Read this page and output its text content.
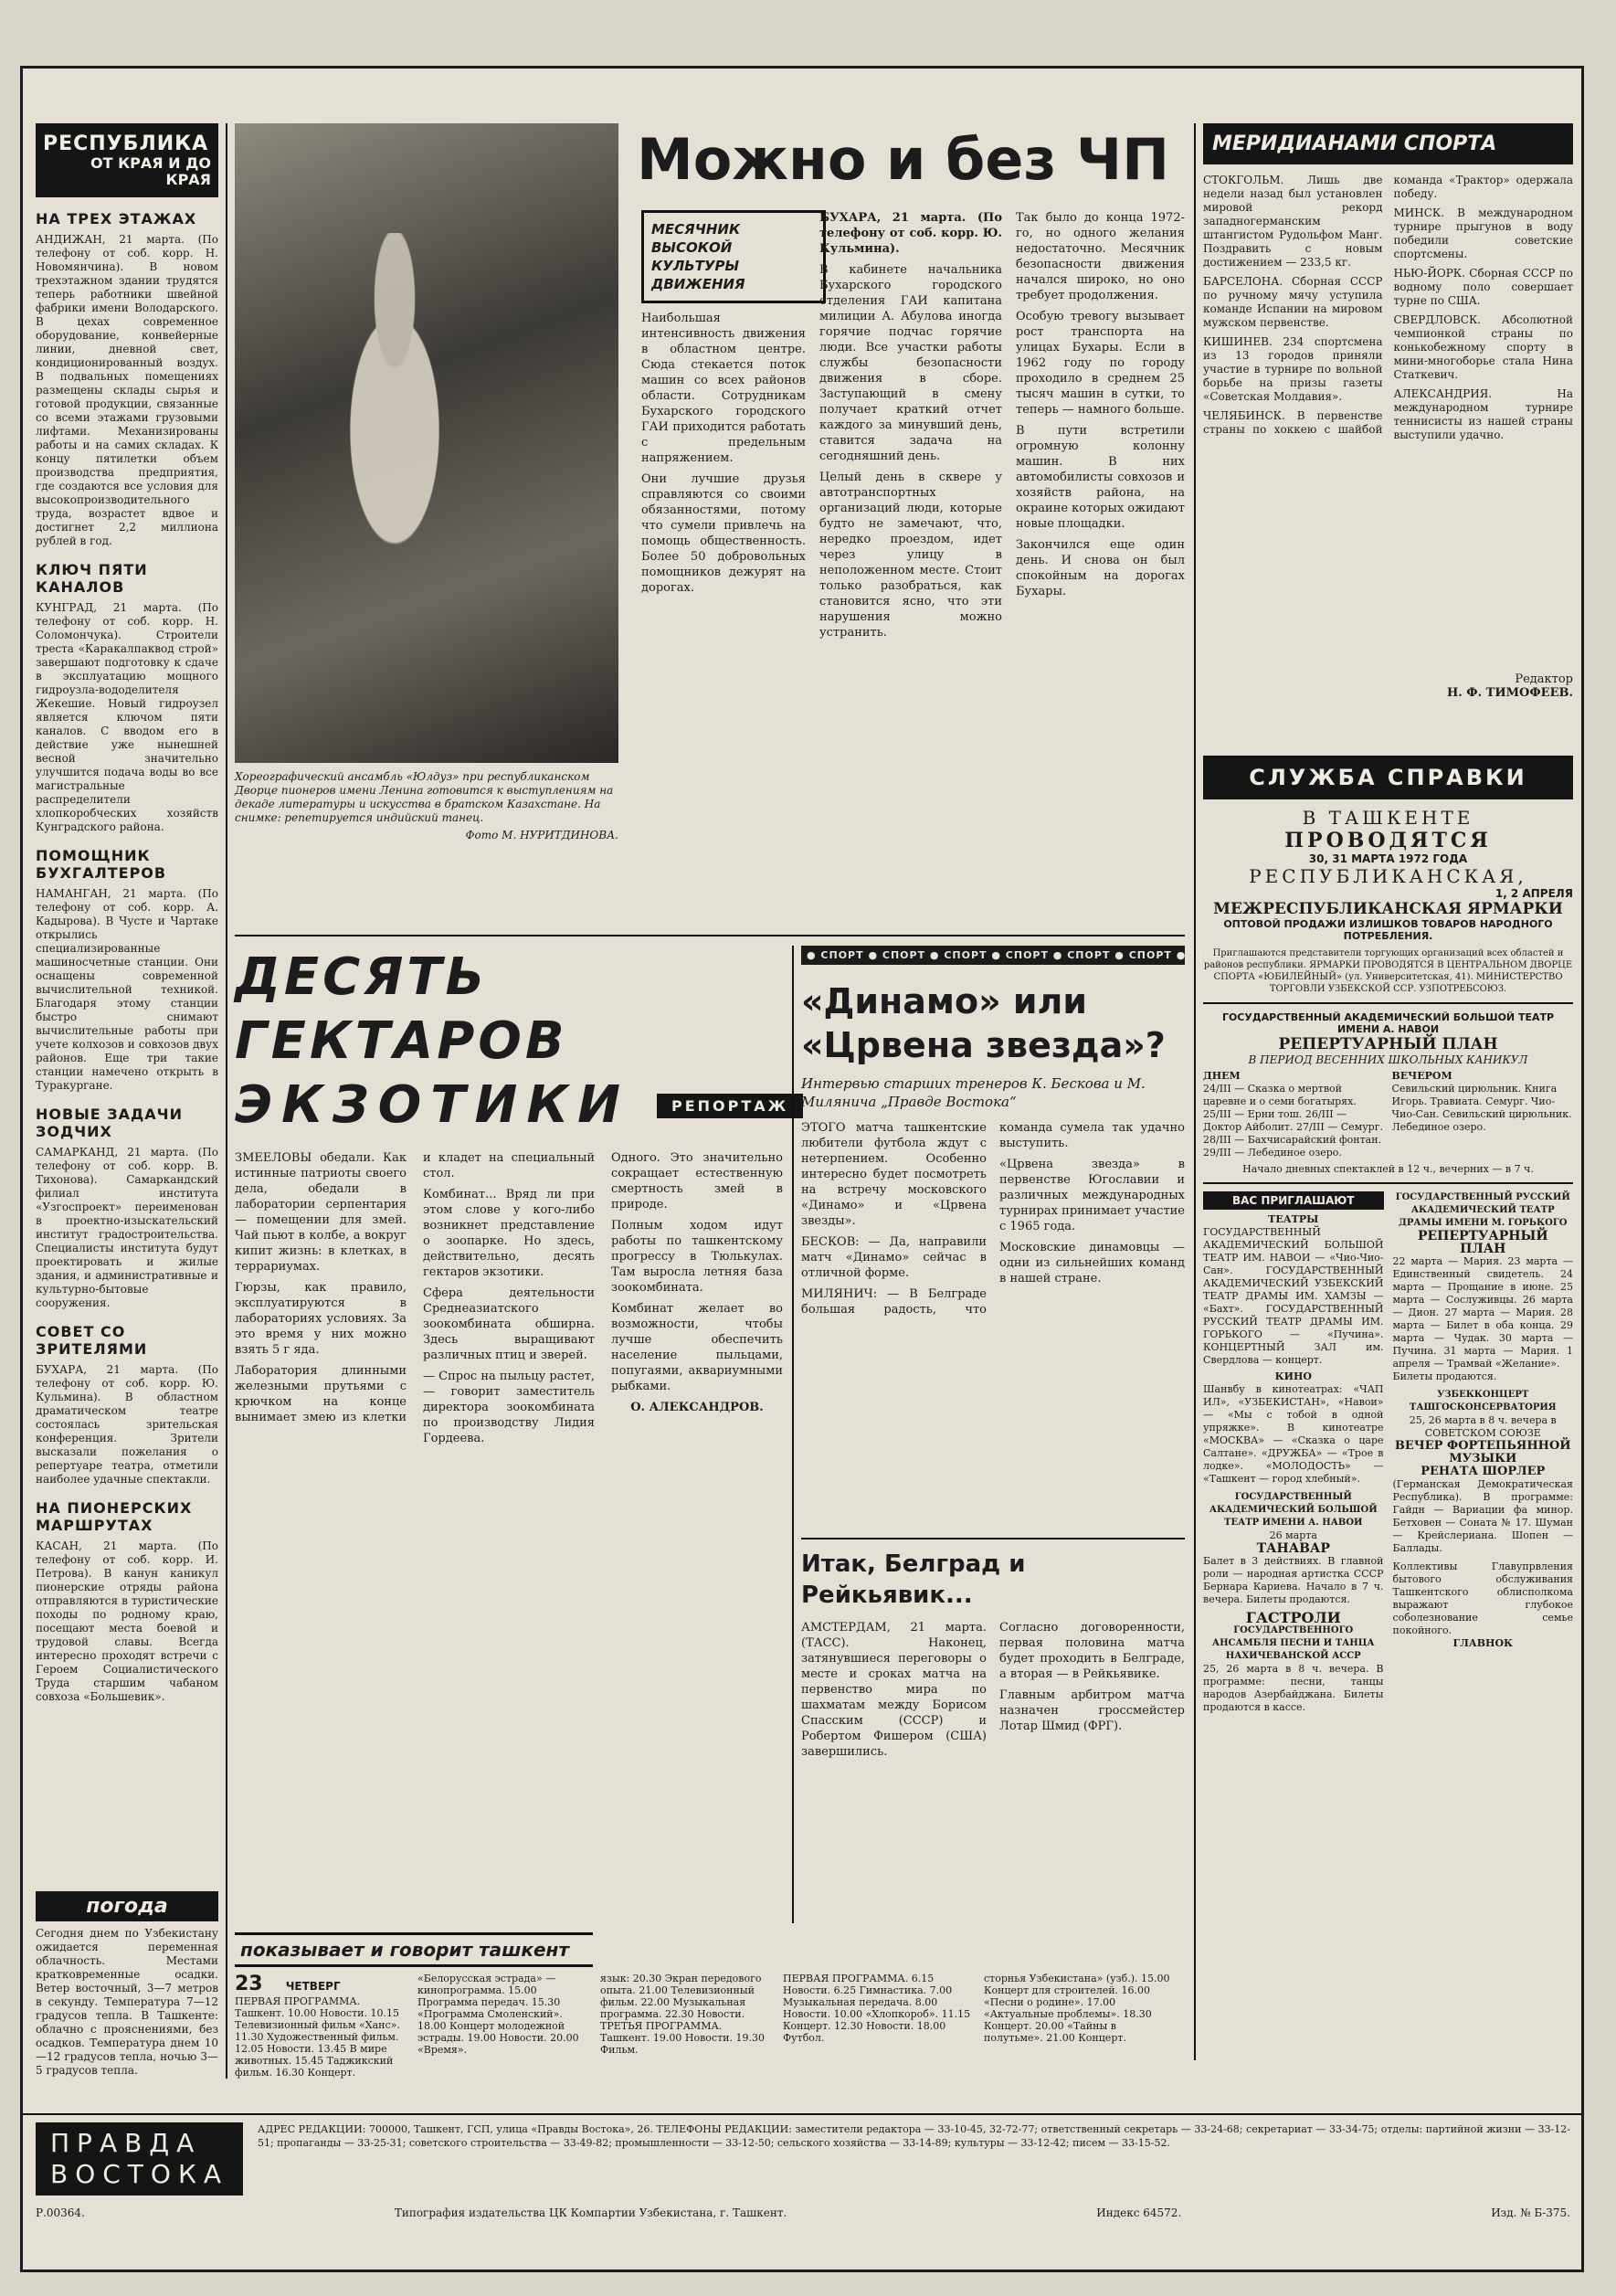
РЕСПУБЛИКА
ОТ КРАЯ И ДО КРАЯ
НА ТРЕХ ЭТАЖАХ
АНДИЖАН, 21 марта. (По телефону от соб. корр. Н. Новомянчина). В новом трехэтажном здании трудятся теперь работники швейной фабрики имени Володарского. В цехах современное оборудование, конвейерные линии, дневной свет, кондиционированный воздух. В подвальных помещениях размещены склады сырья и готовой продукции, связанные со всеми этажами грузовыми лифтами. Механизированы работы и на самих складах. К концу пятилетки объем производства предприятия, где создаются все условия для высокопроизводительного труда, возрастет вдвое и достигнет 2,2 миллиона рублей в год.
КЛЮЧ ПЯТИ КАНАЛОВ
КУНГРАД, 21 марта. (По телефону от соб. корр. Н. Соломончука). Строители треста «Каракалпаквод строй» завершают подготовку к сдаче в эксплуатацию мощного гидроузла-вододелителя Жекешие. Новый гидроузел является ключом пяти каналов. С вводом его в действие уже нынешней весной значительно улучшится подача воды во все магистральные распределители хлопкоробческих хозяйств Кунградского района.
ПОМОЩНИК БУХГАЛТЕРОВ
НАМАНГАН, 21 марта. (По телефону от соб. корр. А. Кадырова). В Чусте и Чартаке открылись специализированные машиносчетные станции. Они оснащены современной вычислительной техникой. Благодаря этому станции быстро снимают вычислительные работы при учете колхозов и совхозов двух районов. Еще три такие станции намечено открыть в Туракургане.
НОВЫЕ ЗАДАЧИ ЗОДЧИХ
САМАРКАНД, 21 марта. (По телефону от соб. корр. В. Тихонова). Самаркандский филиал института «Узгоспроект» переименован в проектно-изыскательский институт градостроительства. Специалисты института будут проектировать и жилые здания, и административные и культурно-бытовые сооружения.
СОВЕТ СО ЗРИТЕЛЯМИ
БУХАРА, 21 марта. (По телефону от соб. корр. Ю. Кульмина). В областном драматическом театре состоялась зрительская конференция. Зрители высказали пожелания о репертуаре театра, отметили наиболее удачные спектакли.
НА ПИОНЕРСКИХ МАРШРУТАХ
КАСАН, 21 марта. (По телефону от соб. корр. И. Петрова). В канун каникул пионерские отряды района отправляются в туристические походы по родному краю, посещают места боевой и трудовой славы. Всегда интересно проходят встречи с Героем Социалистического Труда старшим чабаном совхоза «Большевик».
Хореографический ансамбль «Юлдуз» при республиканском Дворце пионеров имени Ленина готовится к выступлениям на декаде литературы и искусства в братском Казахстане. На снимке: репетируется индийский танец.
Фото М. НУРИТДИНОВА.
Можно и без ЧП
МЕСЯЧНИК ВЫСОКОЙ КУЛЬТУРЫ ДВИЖЕНИЯ

БУХАРА, 21 марта. (По телефону от соб. корр. Ю. Кульмина).

В кабинете начальника Бухарского городского отделения ГАИ капитана милиции А. Абулова иногда горячие подчас горячие люди. Все участки работы службы безопасности движения в сборе. Заступающий в смену получает краткий отчет каждого за минувший день, ставится задача на сегодняшний день.

Целый день в сквере у автотранспортных организаций люди, которые будто не замечают, что, нередко проездом, идет через улицу в неположенном месте. Стоит только разобраться, как становится ясно, что эти нарушения можно устранить.

Наибольшая интенсивность движения в областном центре. Сюда стекается поток машин со всех районов области. Сотрудникам Бухарского городского ГАИ приходится работать с предельным напряжением.

Они лучшие друзья справляются со своими обязанностями, потому что сумели привлечь на помощь общественность. Более 50 добровольных помощников дежурят на дорогах.

Так было до конца 1972-го, но одного желания недостаточно. Месячник безопасности движения начался широко, но оно требует продолжения.

Особую тревогу вызывает рост транспорта на улицах Бухары. Если в 1962 году по городу проходило в среднем 25 тысяч машин в сутки, то теперь — намного больше.

В пути встретили огромную колонну машин. В них автомобилисты совхозов и хозяйств района, на окраине которых ожидают новые площадки.

Закончился еще один день. И снова он был спокойным на дорогах Бухары.

ДЕСЯТЬ ГЕКТАРОВ
ЭКЗОТИКИ	РЕПОРТАЖ

ЗМЕЕЛОВЫ обедали. Как истинные патриоты своего дела, обедали в лаборатории серпентария — помещении для змей. Чай пьют в колбе, а вокруг кипит жизнь: в клетках, в террариумах.

Гюрзы, как правило, эксплуатируются в лабораториях условиях. За это время у них можно взять 5 г яда.

Лаборатория длинными железными прутьями с крючком на конце вынимает змею из клетки и кладет на специальный стол.

Комбинат... Вряд ли при этом слове у кого-либо возникнет представление о зоопарке. Но здесь, действительно, десять гектаров экзотики.

Сфера деятельности Среднеазиатского зоокомбината обширна. Здесь выращивают различных птиц и зверей.

— Спрос на пыльцу растет, — говорит заместитель директора зоокомбината по производству Лидия Гордеева.

Одного. Это значительно сокращает естественную смертность змей в природе.

Полным ходом идут работы по ташкентскому прогрессу в Тюлькулах. Там выросла летняя база зоокомбината.

Комбинат желает во возможности, чтобы лучше обеспечить население пыльцами, попугаями, аквариумными рыбками.

О. АЛЕКСАНДРОВ.

● СПОРТ ● СПОРТ ● СПОРТ ● СПОРТ ● СПОРТ ● СПОРТ ● СПОРТ
«Динамо» или
«Црвена звезда»?
Интервью старших тренеров К. Бескова и М. Милянича „Правде Востока“

ЭТОГО матча ташкентские любители футбола ждут с нетерпением. Особенно интересно будет посмотреть на встречу московского «Динамо» и «Црвена звезды».

БЕСКОВ: — Да, направили матч «Динамо» сейчас в отличной форме.

МИЛЯНИЧ: — В Белграде большая радость, что команда сумела так удачно выступить.

«Црвена звезда» в первенстве Югославии и различных международных турнирах принимает участие с 1965 года.

Московские динамовцы — одни из сильнейших команд в нашей стране.

Итак, Белград и Рейкьявик...

АМСТЕРДАМ, 21 марта. (ТАСС). Наконец, затянувшиеся переговоры о месте и сроках матча на первенство мира по шахматам между Борисом Спасским (СССР) и Робертом Фишером (США) завершились.

Согласно договоренности, первая половина матча будет проходить в Белграде, а вторая — в Рейкьявике.

Главным арбитром матча назначен гроссмейстер Лотар Шмид (ФРГ).

МЕРИДИАНАМИ СПОРТА

СТОКГОЛЬМ. Лишь две недели назад был установлен мировой рекорд западногерманским штангистом Рудольфом Манг. Поздравить с новым достижением — 233,5 кг.

БАРСЕЛОНА. Сборная СССР по ручному мячу уступила команде Испании на мировом мужском первенстве.

КИШИНЕВ. 234 спортсмена из 13 городов приняли участие в турнире по вольной борьбе на призы газеты «Советская Молдавия».

ЧЕЛЯБИНСК. В первенстве страны по хоккею с шайбой команда «Трактор» одержала победу.

МИНСК. В международном турнире прыгунов в воду победили советские спортсмены.

НЬЮ-ЙОРК. Сборная СССР по водному поло совершает турне по США.

СВЕРДЛОВСК. Абсолютной чемпионкой страны по конькобежному спорту в мини-многоборье стала Нина Статкевич.

АЛЕКСАНДРИЯ. На международном турнире теннисисты из нашей страны выступили удачно.

Редактор
Н. Ф. ТИМОФЕЕВ.
СЛУЖБА СПРАВКИ
В ТАШКЕНТЕ
ПРОВОДЯТСЯ
30, 31 МАРТА 1972 ГОДА
РЕСПУБЛИКАНСКАЯ,
1, 2 АПРЕЛЯ
МЕЖРЕСПУБЛИКАНСКАЯ ЯРМАРКИ
ОПТОВОЙ ПРОДАЖИ ИЗЛИШКОВ ТОВАРОВ НАРОДНОГО ПОТРЕБЛЕНИЯ.
Приглашаются представители торгующих организаций всех областей и районов республики. ЯРМАРКИ ПРОВОДЯТСЯ В ЦЕНТРАЛЬНОМ ДВОРЦЕ СПОРТА «ЮБИЛЕЙНЫЙ» (ул. Университетская, 41). МИНИСТЕРСТВО ТОРГОВЛИ УЗБЕКСКОЙ ССР. УЗПОТРЕБСОЮЗ.
ГОСУДАРСТВЕННЫЙ АКАДЕМИЧЕСКИЙ БОЛЬШОЙ ТЕАТР ИМЕНИ А. НАВОИ
РЕПЕРТУАРНЫЙ ПЛАН
В ПЕРИОД ВЕСЕННИХ ШКОЛЬНЫХ КАНИКУЛ
ДНЕМ
24/III — Сказка о мертвой царевне и о семи богатырях. 25/III — Ерни тош. 26/III — Доктор Айболит. 27/III — Семург. 28/III — Бахчисарайский фонтан. 29/III — Лебединое озеро.
ВЕЧЕРОМ
Севильский цирюльник. Книга Игорь. Травиата. Семург. Чио-Чио-Сан. Севильский цирюльник. Лебединое озеро.
Начало дневных спектаклей в 12 ч., вечерних — в 7 ч.
ВАС ПРИГЛАШАЮТ
ТЕАТРЫ
ГОСУДАРСТВЕННЫЙ АКАДЕМИЧЕСКИЙ БОЛЬШОЙ ТЕАТР ИМ. НАВОИ — «Чио-Чио-Сан». ГОСУДАРСТВЕННЫЙ АКАДЕМИЧЕСКИЙ УЗБЕКСКИЙ ТЕАТР ДРАМЫ ИМ. ХАМЗЫ — «Бахт». ГОСУДАРСТВЕННЫЙ РУССКИЙ ТЕАТР ДРАМЫ ИМ. ГОРЬКОГО — «Пучина». КОНЦЕРТНЫЙ ЗАЛ им. Свердлова — концерт.
КИНО
Шанвбу в кинотеатрах: «ЧАП ИЛ», «УЗБЕКИСТАН», «Навои» — «Мы с тобой в одной упряжке». В кинотеатре «МОСКВА» — «Сказка о царе Салтане». «ДРУЖБА» — «Трое в лодке». «МОЛОДОСТЬ» — «Ташкент — город хлебный».
ГОСУДАРСТВЕННЫЙ АКАДЕМИЧЕСКИЙ БОЛЬШОЙ ТЕАТР ИМЕНИ А. НАВОИ
26 марта
ТАНАВАР
Балет в 3 действиях. В главной роли — народная артистка СССР Бернара Кариева. Начало в 7 ч. вечера. Билеты продаются.
ГАСТРОЛИ
ГОСУДАРСТВЕННОГО АНСАМБЛЯ ПЕСНИ И ТАНЦА НАХИЧЕВАНСКОЙ АССР
25, 26 марта в 8 ч. вечера. В программе: песни, танцы народов Азербайджана. Билеты продаются в кассе.
ГОСУДАРСТВЕННЫЙ РУССКИЙ АКАДЕМИЧЕСКИЙ ТЕАТР ДРАМЫ ИМЕНИ М. ГОРЬКОГО
РЕПЕРТУАРНЫЙ ПЛАН
22 марта — Мария. 23 марта — Единственный свидетель. 24 марта — Прощание в июне. 25 марта — Сослуживцы. 26 марта — Дион. 27 марта — Мария. 28 марта — Билет в оба конца. 29 марта — Чудак. 30 марта — Пучина. 31 марта — Мария. 1 апреля — Трамвай «Желание».
Билеты продаются.
УЗБЕККОНЦЕРТ ТАШГОСКОНСЕРВАТОРИЯ
25, 26 марта в 8 ч. вечера в СОВЕТСКОМ СОЮЗЕ
ВЕЧЕР ФОРТЕПЬЯННОЙ МУЗЫКИ
РЕНАТА ШОРЛЕР
(Германская Демократическая Республика). В программе: Гайдн — Вариации фа минор. Бетховен — Соната № 17. Шуман — Крейслериана. Шопен — Баллады.
Коллективы Главупрвления бытового обслуживания Ташкентского облисполкома выражают глубокое соболезнование семье покойного.
ГЛАВНОК
погода
Сегодня днем по Узбекистану ожидается переменная облачность. Местами кратковременные осадки. Ветер восточный, 3—7 метров в секунду. Температура 7—12 градусов тепла. В Ташкенте: облачно с прояснениями, без осадков. Температура днем 10—12 градусов тепла, ночью 3—5 градусов тепла.
показывает и говорит ташкент
23 ЧЕТВЕРГ
ПЕРВАЯ ПРОГРАММА. Ташкент. 10.00 Новости. 10.15 Телевизионный фильм «Ханс». 11.30 Художественный фильм. 12.05 Новости. 13.45 В мире животных. 15.45 Таджикский фильм. 16.30 Концерт.
«Белорусская эстрада» — кинопрограмма. 15.00 Программа передач. 15.30 «Программа Смоленский». 18.00 Концерт молодежной эстрады. 19.00 Новости. 20.00 «Время».
язык: 20.30 Экран передового опыта. 21.00 Телевизионный фильм. 22.00 Музыкальная программа. 22.30 Новости. ТРЕТЬЯ ПРОГРАММА. Ташкент. 19.00 Новости. 19.30 Фильм.
ПЕРВАЯ ПРОГРАММА. 6.15 Новости. 6.25 Гимнастика. 7.00 Музыкальная передача. 8.00 Новости. 10.00 «Хлопкороб». 11.15 Концерт. 12.30 Новости. 18.00 Футбол.
сторнья Узбекистана» (узб.). 15.00 Концерт для строителей. 16.00 «Песни о родине». 17.00 «Актуальные проблемы». 18.30 Концерт. 20.00 «Тайны в полутьме». 21.00 Концерт.
ПРАВДА
ВОСТОКА
АДРЕС РЕДАКЦИИ: 700000, Ташкент, ГСП, улица «Правды Востока», 26. ТЕЛЕФОНЫ РЕДАКЦИИ: заместители редактора — 33-10-45, 32-72-77; ответственный секретарь — 33-24-68; секретариат — 33-34-75; отделы: партийной жизни — 33-12-51; пропаганды — 33-25-31; советского строительства — 33-49-82; промышленности — 33-12-50; сельского хозяйства — 33-14-89; культуры — 33-12-42; писем — 33-15-52.
Р.00364.	Типография издательства ЦК Компартии Узбекистана, г. Ташкент.	Индекс 64572.	Изд. № Б-375.
